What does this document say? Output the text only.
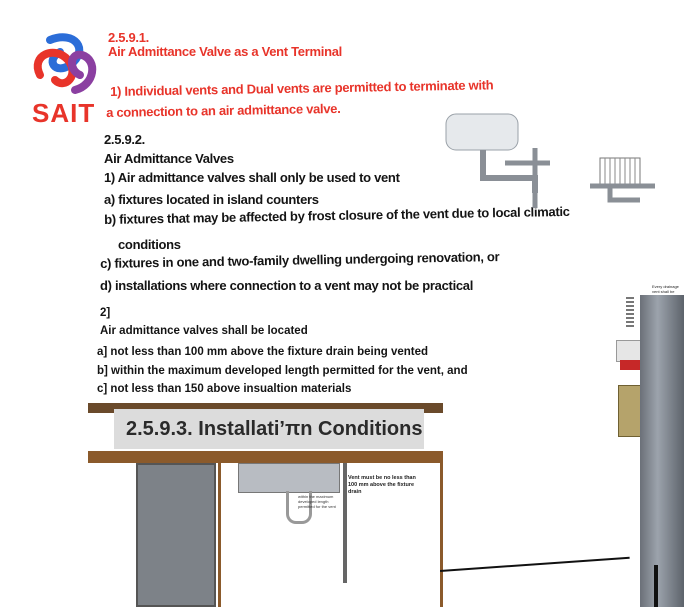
SAIT
2.5.9.1.
Air Admittance Valve as a Vent Terminal
1) Individual vents and Dual vents are permitted to terminate with
a connection to an air admittance valve.
2.5.9.2.
Air Admittance Valves
1) Air admittance valves shall only be used to vent
a) fixtures located in island counters
b) fixtures that may be affected by frost closure of the vent due to local climatic
conditions
c) fixtures in one and two-family dwelling undergoing renovation, or
d) installations where connection to a vent may not be practical
2]
Air admittance valves shall be located
a] not less than 100 mm above the fixture drain being vented
b] within the maximum developed length permitted for the vent, and
c] not less than 150 above insualtion materials
Vent must be no less than 100 mm above the fixture drain
within the maximum developed length permitted for the vent
Every drainage vent shall be
2.5.9.3. Installati’πn Conditions
